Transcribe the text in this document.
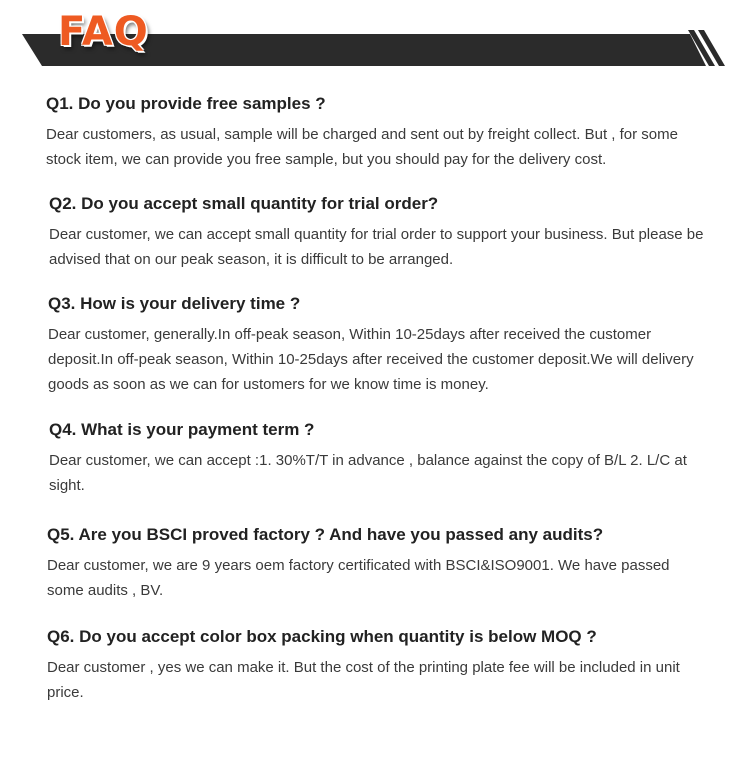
FAQ

Q1. Do you provide free samples ?

Dear customers, as usual, sample will be charged and sent out by freight collect. But , for some stock item, we can provide you free sample, but you should pay for the delivery cost.

Q2. Do you accept small quantity for trial order?

Dear customer, we can accept small quantity for trial order to support your business. But please be advised that on our peak season, it is difficult to be arranged.

Q3. How is your delivery time ?

Dear customer, generally.In off-peak season, Within 10-25days after received the customer deposit.In off-peak season, Within 10-25days after received the customer deposit.We will delivery goods as soon as we can for ustomers for we know time is money.

Q4. What is your payment term ?

Dear customer, we can accept :1. 30%T/T in advance , balance against the copy of B/L 2. L/C at sight.

Q5. Are you BSCI proved factory ? And have you passed any audits?

Dear customer, we are 9 years oem factory certificated with BSCI&ISO9001. We have passed some audits , BV.

Q6. Do you accept color box packing when quantity is below MOQ ?

Dear customer , yes we can make it. But the cost of the printing plate fee will be included in unit price.
